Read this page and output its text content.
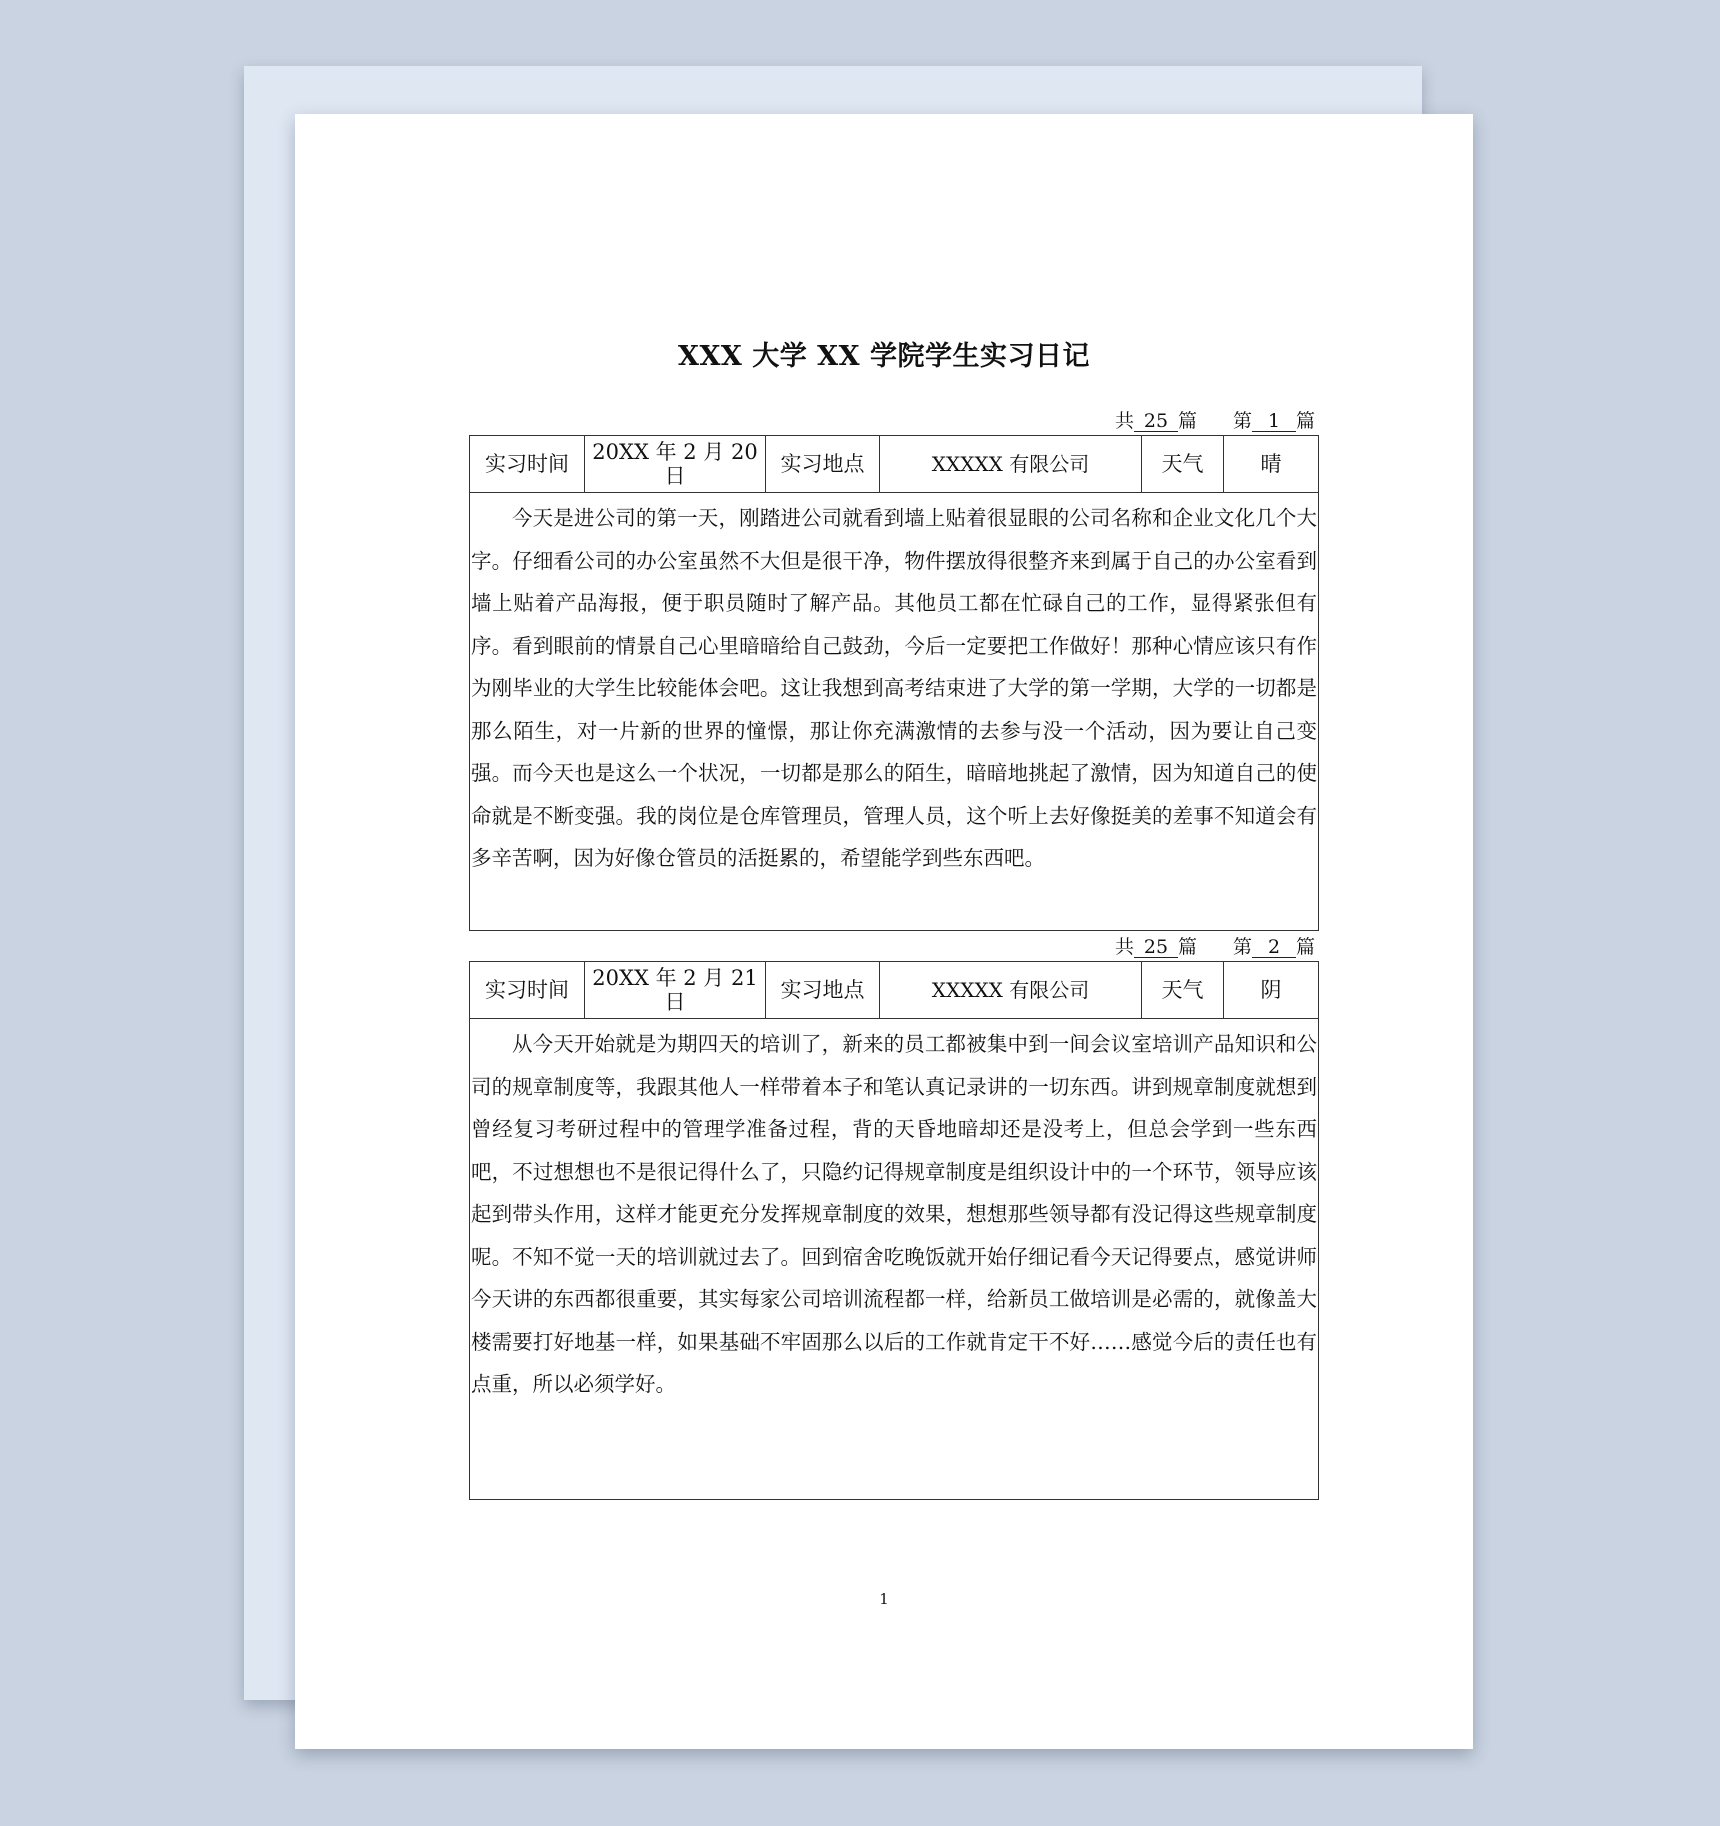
XXX 大学 XX 学院学生实习日记
共 25 篇 第 1 篇
实习时间	20XX 年 2 月 20 日	实习地点	XXXXX 有限公司	天气	晴
今天是进公司的第一天，刚踏进公司就看到墙上贴着很显眼的公司名称和企业文化几个大字。仔细看公司的办公室虽然不大但是很干净，物件摆放得很整齐来到属于自己的办公室看到墙上贴着产品海报，便于职员随时了解产品。其他员工都在忙碌自己的工作，显得紧张但有序。看到眼前的情景自己心里暗暗给自己鼓劲，今后一定要把工作做好！那种心情应该只有作为刚毕业的大学生比较能体会吧。这让我想到高考结束进了大学的第一学期，大学的一切都是那么陌生，对一片新的世界的憧憬，那让你充满激情的去参与没一个活动，因为要让自己变强。而今天也是这么一个状况，一切都是那么的陌生，暗暗地挑起了激情，因为知道自己的使命就是不断变强。我的岗位是仓库管理员，管理人员，这个听上去好像挺美的差事不知道会有多辛苦啊，因为好像仓管员的活挺累的，希望能学到些东西吧。
共 25 篇 第 2 篇
实习时间	20XX 年 2 月 21 日	实习地点	XXXXX 有限公司	天气	阴
从今天开始就是为期四天的培训了，新来的员工都被集中到一间会议室培训产品知识和公司的规章制度等，我跟其他人一样带着本子和笔认真记录讲的一切东西。讲到规章制度就想到曾经复习考研过程中的管理学准备过程，背的天昏地暗却还是没考上，但总会学到一些东西吧，不过想想也不是很记得什么了，只隐约记得规章制度是组织设计中的一个环节，领导应该起到带头作用，这样才能更充分发挥规章制度的效果，想想那些领导都有没记得这些规章制度呢。不知不觉一天的培训就过去了。回到宿舍吃晚饭就开始仔细记看今天记得要点，感觉讲师今天讲的东西都很重要，其实每家公司培训流程都一样，给新员工做培训是必需的，就像盖大楼需要打好地基一样，如果基础不牢固那么以后的工作就肯定干不好……感觉今后的责任也有点重，所以必须学好。
1
